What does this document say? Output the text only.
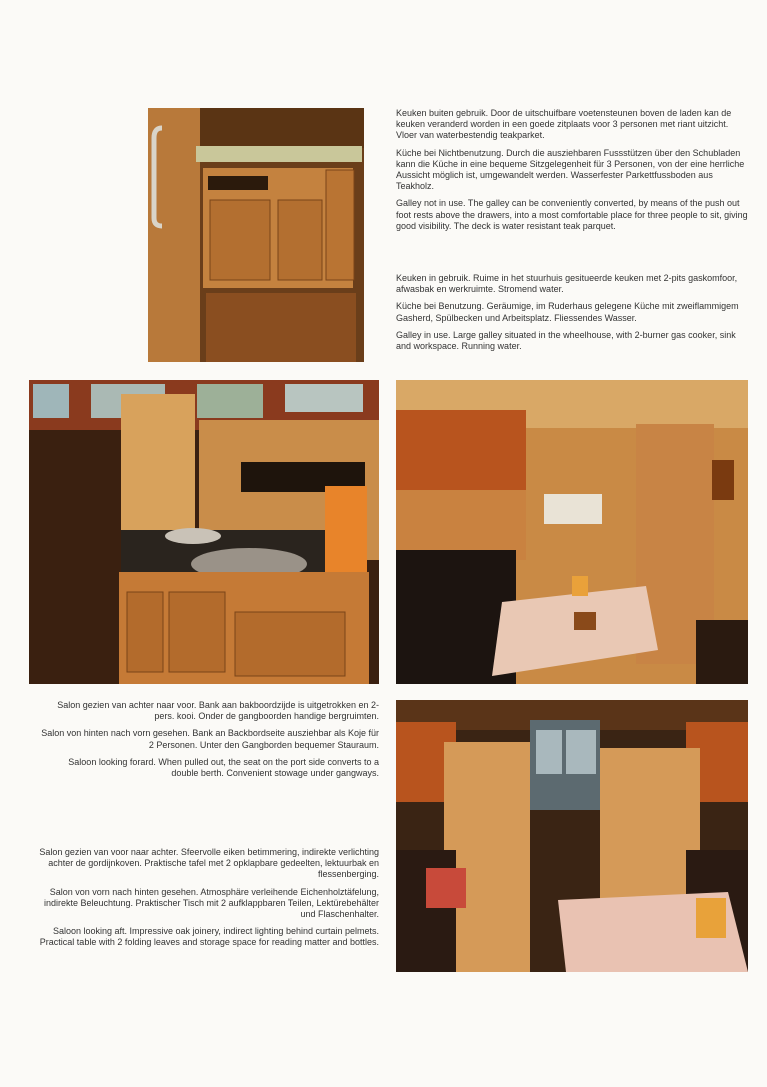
Keuken buiten gebruik. Door de uitschuifbare voetensteunen boven de laden kan de keuken veranderd worden in een goede zitplaats voor 3 personen met riant uitzicht. Vloer van waterbestendig teakparket.

Küche bei Nichtbenutzung. Durch die ausziehbaren Fussstützen über den Schubladen kann die Küche in eine bequeme Sitzgelegenheit für 3 Personen, von der eine herrliche Aussicht möglich ist, umgewandelt werden. Wasserfester Parkettfussboden aus Teakholz.

Galley not in use. The galley can be conveniently converted, by means of the push out foot rests above the drawers, into a most comfortable place for three people to sit, giving good visibility. The deck is water resistant teak parquet.

Keuken in gebruik. Ruime in het stuurhuis gesitueerde keuken met 2-pits gaskomfoor, afwasbak en werkruimte. Stromend water.

Küche bei Benutzung. Geräumige, im Ruderhaus gelegene Küche mit zweiflammigem Gasherd, Spülbecken und Arbeitsplatz. Fliessendes Wasser.

Galley in use. Large galley situated in the wheelhouse, with 2-burner gas cooker, sink and workspace. Running water.

Salon gezien van achter naar voor. Bank aan bakboordzijde is uitgetrokken en 2-pers. kooi. Onder de gangboorden handige bergruimten.

Salon von hinten nach vorn gesehen. Bank an Backbordseite ausziehbar als Koje für 2 Personen. Unter den Gangborden bequemer Stauraum.

Saloon looking forard. When pulled out, the seat on the port side converts to a double berth. Convenient stowage under gangways.

Salon gezien van voor naar achter. Sfeervolle eiken betimmering, indirekte verlichting achter de gordijnkoven. Praktische tafel met 2 opklapbare gedeelten, lektuurbak en flessenberging.

Salon von vorn nach hinten gesehen. Atmosphäre verleihende Eichenholztäfelung, indirekte Beleuchtung. Praktischer Tisch mit 2 aufklappbaren Teilen, Lektürebehälter und Flaschenhalter.

Saloon looking aft. Impressive oak joinery, indirect lighting behind curtain pelmets. Practical table with 2 folding leaves and storage space for reading matter and bottles.
